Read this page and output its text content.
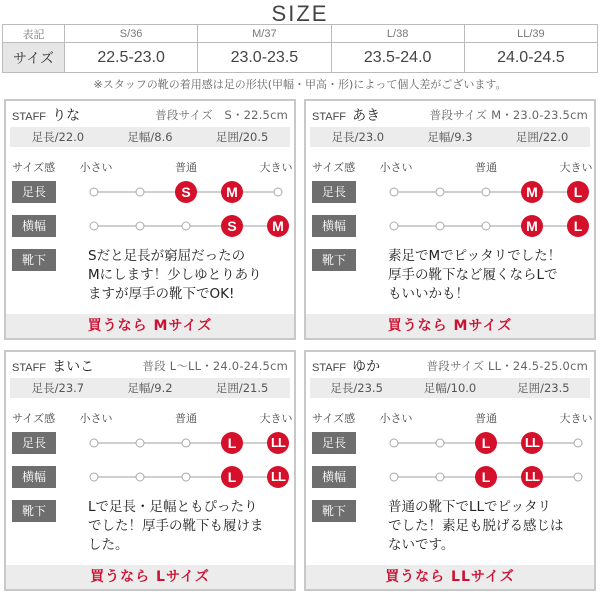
SIZE
表記	S/36	M/37	L/38	LL/39
サイズ	22.5-23.0	23.0-23.5	23.5-24.0	24.0-24.5
※スタッフの靴の着用感は足の形状(甲幅・甲高・形)によって個人差がございます。
STAFF りな	普段サイズ　S・22.5cm
足長/22.0	足幅/8.6	足囲/20.5
サイズ感 小さい	普通	大きい
足長
横幅
靴下	Sだと足長が窮屈だったの
Mにします！少しゆとりあり
ますが厚手の靴下でOK!
買うなら Mサイズ
S	M
S	M
STAFF あき	普段サイズ M・23.0-23.5cm
足長/23.0	足幅/9.3	足囲/22.0
サイズ感 小さい	普通	大きい
足長
横幅
靴下	素足でMでピッタリでした！
厚手の靴下など履くならLで
もいいかも！
買うなら Mサイズ
M	L
M	L
STAFF まいこ	普段 L〜LL・24.0-24.5cm
足長/23.7	足幅/9.2	足囲/21.5
サイズ感 小さい	普通	大きい
足長
横幅
靴下	Lで足長・足幅ともぴったり
でした！厚手の靴下も履けま
した。
買うなら Lサイズ
L	LL
L	LL
STAFF ゆか	普段サイズ LL・24.5-25.0cm
足長/23.5	足幅/10.0	足囲/23.5
サイズ感 小さい	普通	大きい
足長
横幅
靴下	普通の靴下でLLでピッタリ
でした！素足も脱げる感じは
ないです。
買うなら LLサイズ
L	LL
L	LL
